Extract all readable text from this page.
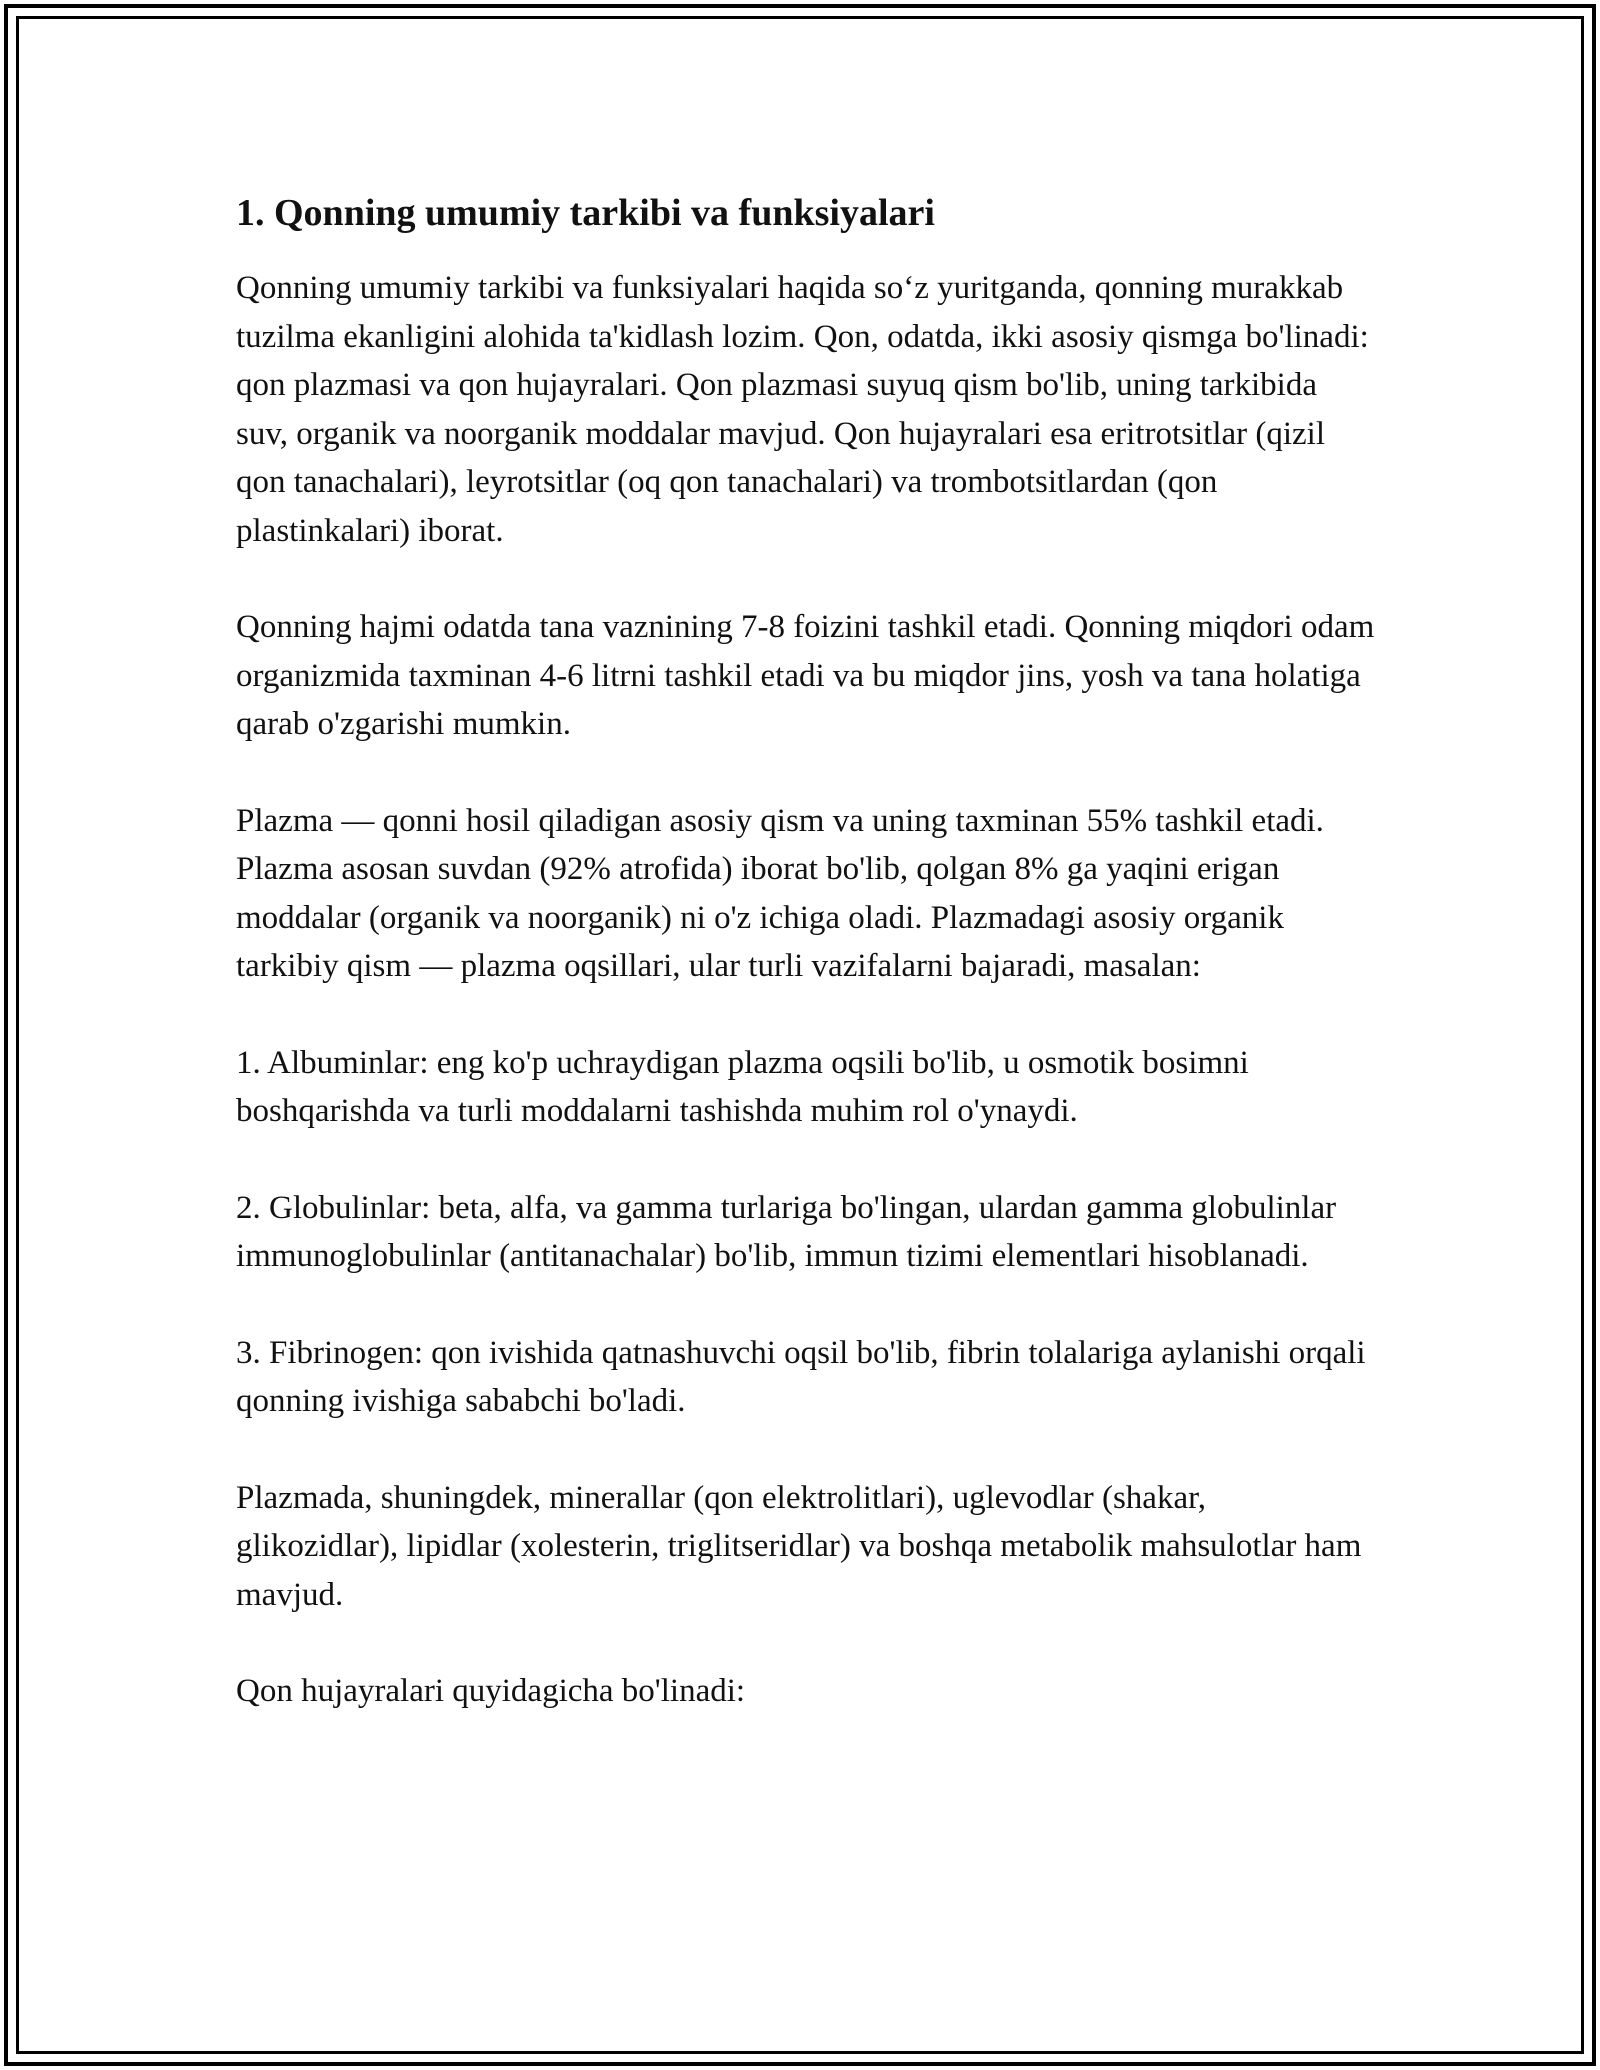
1. Qonning umumiy tarkibi va funksiyalari

Qonning umumiy tarkibi va funksiyalari haqida so‘z yuritganda, qonning murakkab tuzilma ekanligini alohida ta'kidlash lozim. Qon, odatda, ikki asosiy qismga bo'linadi: qon plazmasi va qon hujayralari. Qon plazmasi suyuq qism bo'lib, uning tarkibida suv, organik va noorganik moddalar mavjud. Qon hujayralari esa eritrotsitlar (qizil qon tanachalari), leyrotsitlar (oq qon tanachalari) va trombotsitlardan (qon plastinkalari) iborat.

Qonning hajmi odatda tana vaznining 7-8 foizini tashkil etadi. Qonning miqdori odam organizmida taxminan 4-6 litrni tashkil etadi va bu miqdor jins, yosh va tana holatiga qarab o'zgarishi mumkin.

Plazma — qonni hosil qiladigan asosiy qism va uning taxminan 55% tashkil etadi. Plazma asosan suvdan (92% atrofida) iborat bo'lib, qolgan 8% ga yaqini erigan moddalar (organik va noorganik) ni o'z ichiga oladi. Plazmadagi asosiy organik tarkibiy qism — plazma oqsillari, ular turli vazifalarni bajaradi, masalan:

1. Albuminlar: eng ko'p uchraydigan plazma oqsili bo'lib, u osmotik bosimni boshqarishda va turli moddalarni tashishda muhim rol o'ynaydi.

2. Globulinlar: beta, alfa, va gamma turlariga bo'lingan, ulardan gamma globulinlar immunoglobulinlar (antitanachalar) bo'lib, immun tizimi elementlari hisoblanadi.

3. Fibrinogen: qon ivishida qatnashuvchi oqsil bo'lib, fibrin tolalariga aylanishi orqali qonning ivishiga sababchi bo'ladi.

Plazmada, shuningdek, minerallar (qon elektrolitlari), uglevodlar (shakar, glikozidlar), lipidlar (xolesterin, triglitseridlar) va boshqa metabolik mahsulotlar ham mavjud.

Qon hujayralari quyidagicha bo'linadi:
